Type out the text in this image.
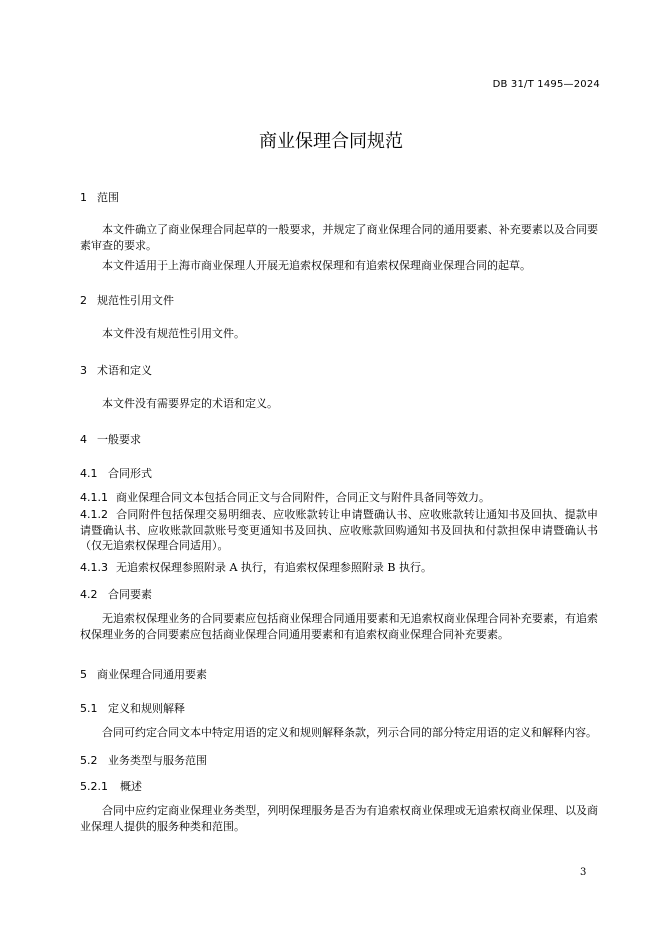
DB 31/T 1495—2024
商业保理合同规范
1 范围
本文件确立了商业保理合同起草的一般要求，并规定了商业保理合同的通用要素、补充要素以及合同要素审查的要求。
本文件适用于上海市商业保理人开展无追索权保理和有追索权保理商业保理合同的起草。
2 规范性引用文件
本文件没有规范性引用文件。
3 术语和定义
本文件没有需要界定的术语和定义。
4 一般要求
4.1 合同形式
4.1.1 商业保理合同文本包括合同正文与合同附件，合同正文与附件具备同等效力。
4.1.2 合同附件包括保理交易明细表、应收账款转让申请暨确认书、应收账款转让通知书及回执、提款申请暨确认书、应收账款回款账号变更通知书及回执、应收账款回购通知书及回执和付款担保申请暨确认书（仅无追索权保理合同适用）。
4.1.3 无追索权保理参照附录 A 执行，有追索权保理参照附录 B 执行。
4.2 合同要素
无追索权保理业务的合同要素应包括商业保理合同通用要素和无追索权商业保理合同补充要素，有追索权保理业务的合同要素应包括商业保理合同通用要素和有追索权商业保理合同补充要素。
5 商业保理合同通用要素
5.1 定义和规则解释
合同可约定合同文本中特定用语的定义和规则解释条款，列示合同的部分特定用语的定义和解释内容。
5.2 业务类型与服务范围
5.2.1 概述
合同中应约定商业保理业务类型，列明保理服务是否为有追索权商业保理或无追索权商业保理、以及商业保理人提供的服务种类和范围。
3
